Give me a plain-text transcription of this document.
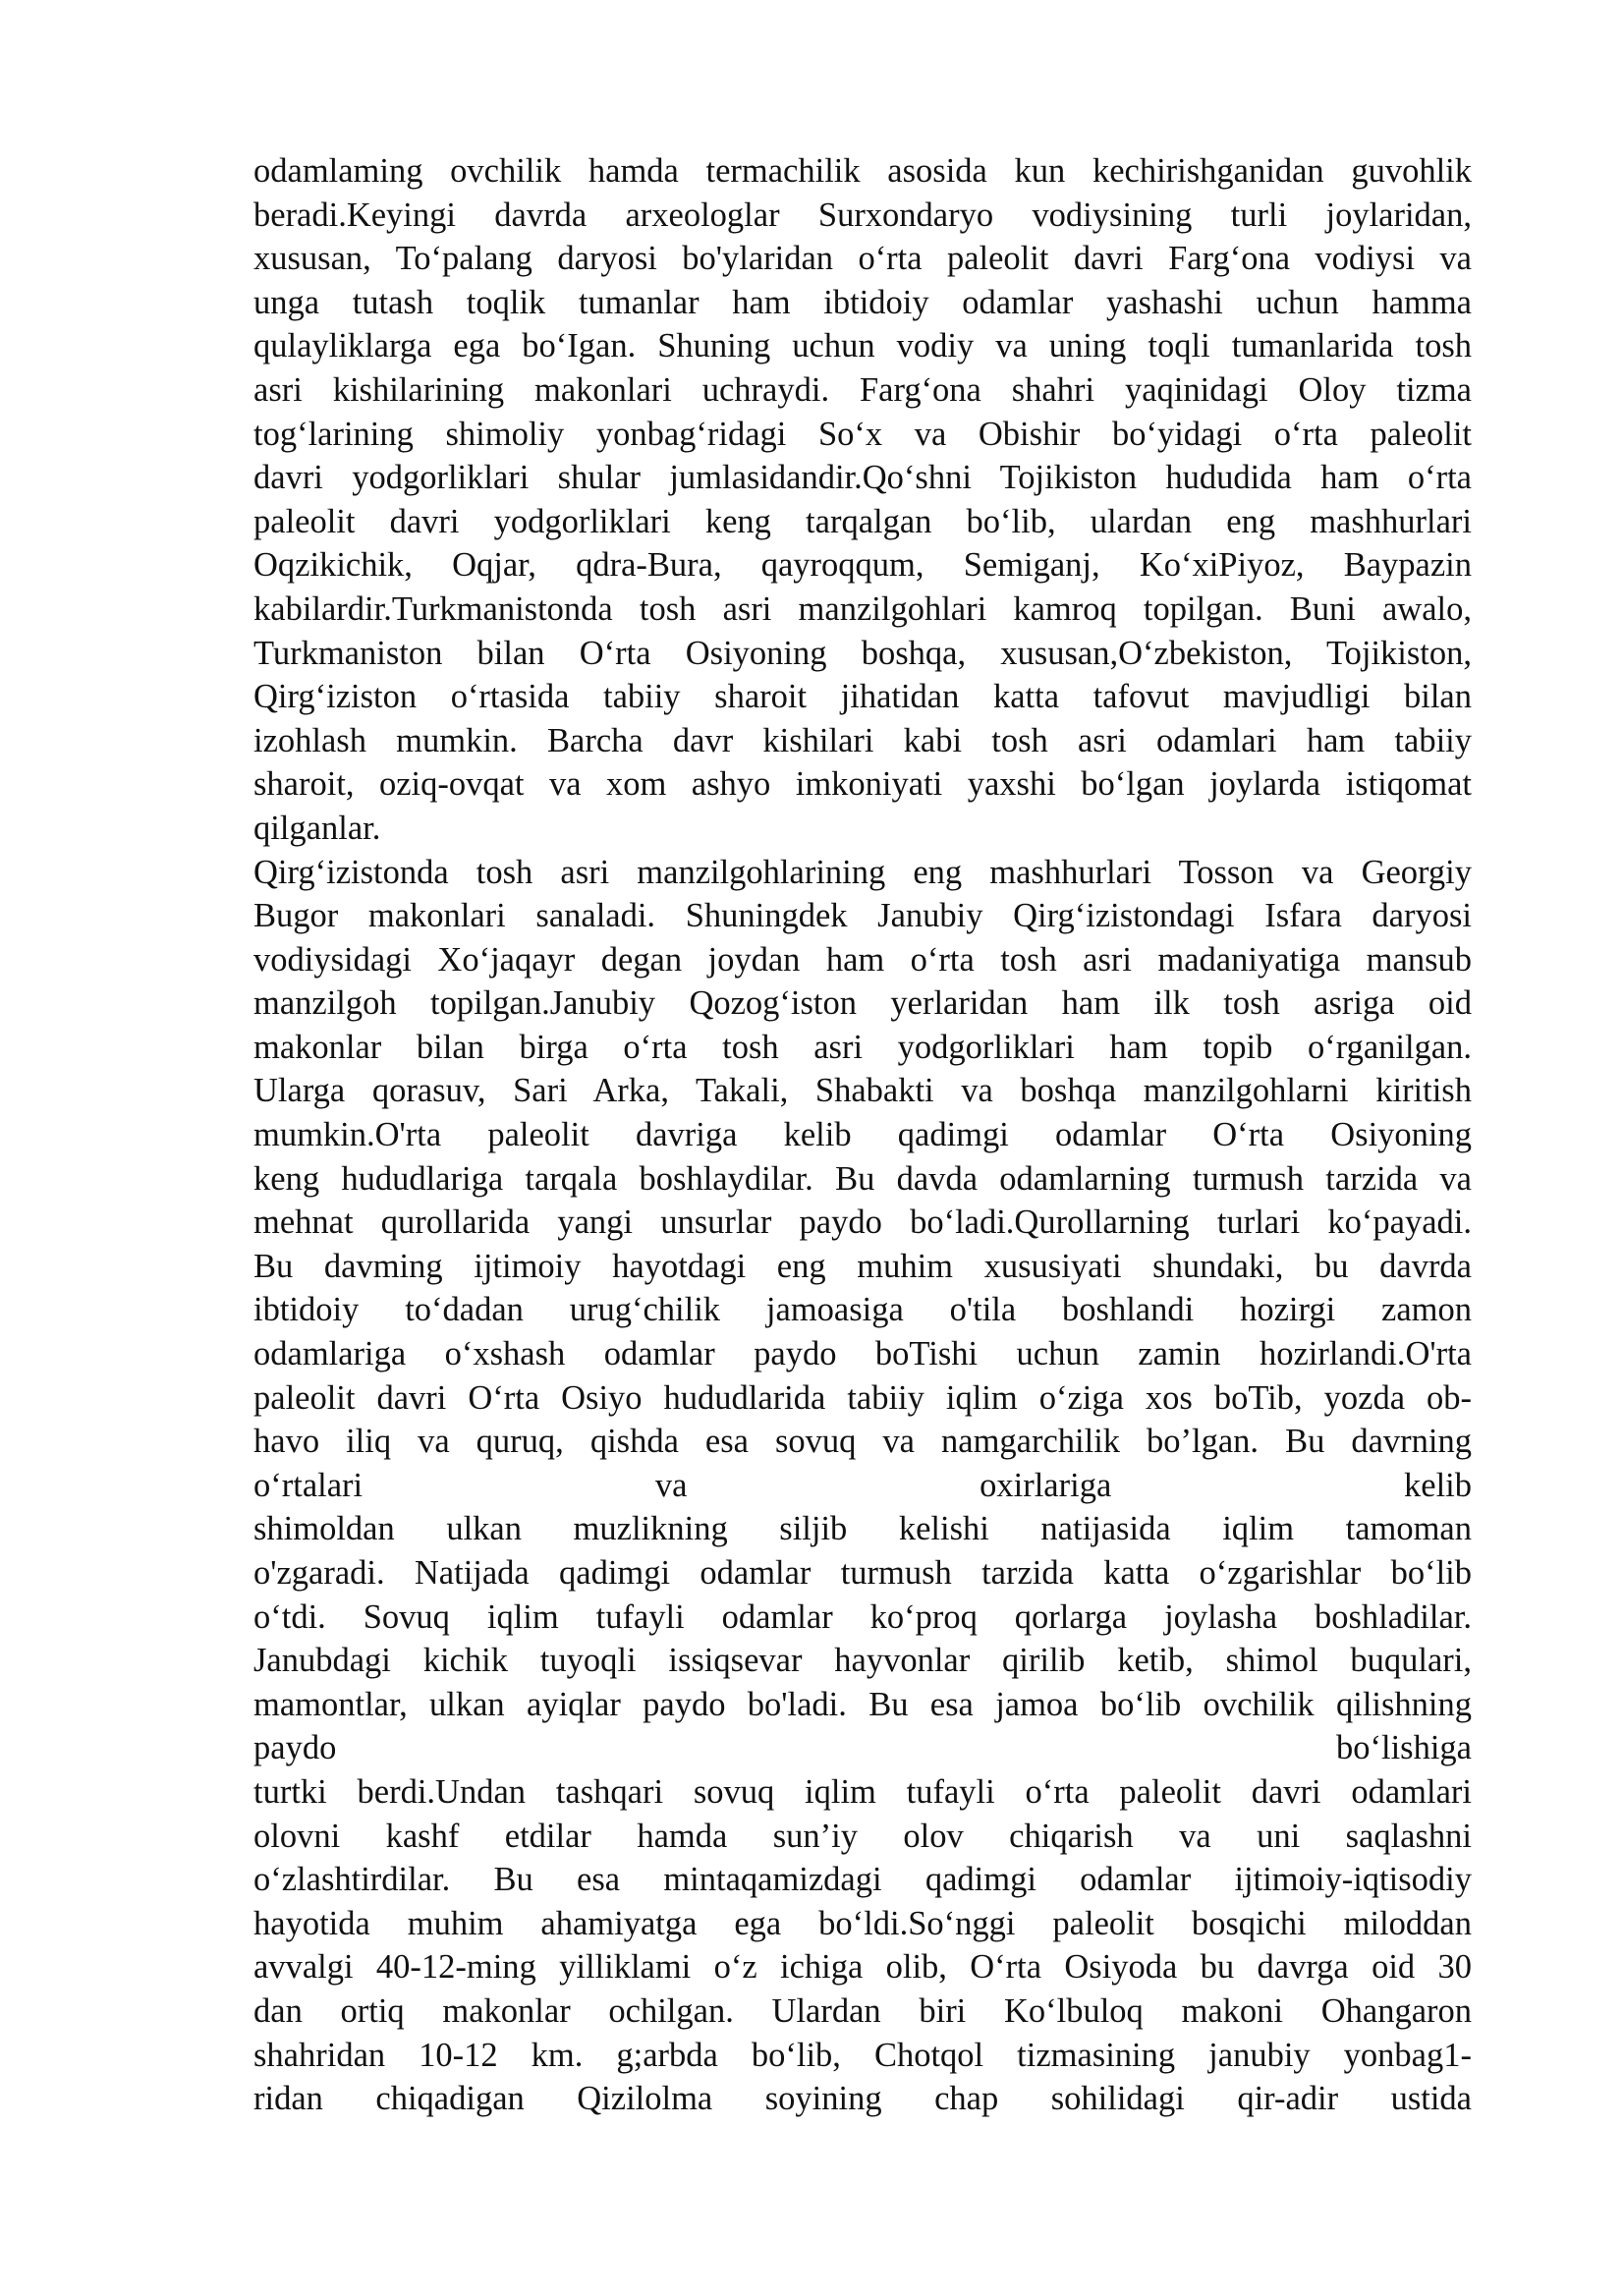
odamlaming ovchilik hamda termachilik asosida kun kechirishganidan guvohlik
beradi.Keyingi davrda arxeologlar Surxondaryo vodiysining turli joylaridan,
xususan, To‘palang daryosi bo'ylaridan o‘rta paleolit davri Farg‘ona vodiysi va
unga tutash toqlik tumanlar ham ibtidoiy odamlar yashashi uchun hamma
qulayliklarga ega bo‘Igan. Shuning uchun vodiy va uning toqli tumanlarida tosh
asri kishilarining makonlari uchraydi. Farg‘ona shahri yaqinidagi Oloy tizma
tog‘larining shimoliy yonbag‘ridagi So‘x va Obishir bo‘yidagi o‘rta paleolit
davri yodgorliklari shular jumlasidandir.Qo‘shni Tojikiston hududida ham o‘rta
paleolit davri yodgorliklari keng tarqalgan bo‘lib, ulardan eng mashhurlari
Oqzikichik, Oqjar, qdra-Bura, qayroqqum, Semiganj, Ko‘xiPiyoz, Baypazin
kabilardir.Turkmanistonda tosh asri manzilgohlari kamroq topilgan. Buni awalo,
Turkmaniston bilan O‘rta Osiyoning boshqa, xususan,O‘zbekiston, Tojikiston,
Qirg‘iziston o‘rtasida tabiiy sharoit jihatidan katta tafovut mavjudligi bilan
izohlash mumkin. Barcha davr kishilari kabi tosh asri odamlari ham tabiiy
sharoit, oziq-ovqat va xom ashyo imkoniyati yaxshi bo‘lgan joylarda istiqomat
qilganlar.
Qirg‘izistonda tosh asri manzilgohlarining eng mashhurlari Tosson va Georgiy
Bugor makonlari sanaladi. Shuningdek Janubiy Qirg‘izistondagi Isfara daryosi
vodiysidagi Xo‘jaqayr degan joydan ham o‘rta tosh asri madaniyatiga mansub
manzilgoh topilgan.Janubiy Qozog‘iston yerlaridan ham ilk tosh asriga oid
makonlar bilan birga o‘rta tosh asri yodgorliklari ham topib o‘rganilgan.
Ularga qorasuv, Sari Arka, Takali, Shabakti va boshqa manzilgohlarni kiritish
mumkin.O'rta paleolit davriga kelib qadimgi odamlar O‘rta Osiyoning
keng hududlariga tarqala boshlaydilar. Bu davda odamlarning turmush tarzida va
mehnat qurollarida yangi unsurlar paydo bo‘ladi.Qurollarning turlari ko‘payadi.
Bu davming ijtimoiy hayotdagi eng muhim xususiyati shundaki, bu davrda
ibtidoiy to‘dadan urug‘chilik jamoasiga o'tila boshlandi hozirgi zamon
odamlariga o‘xshash odamlar paydo boTishi uchun zamin hozirlandi.O'rta
paleolit davri O‘rta Osiyo hududlarida tabiiy iqlim o‘ziga xos boTib, yozda ob-
havo iliq va quruq, qishda esa sovuq va namgarchilik bo’lgan. Bu davrning
o‘rtalari va oxirlariga kelib
shimoldan ulkan muzlikning siljib kelishi natijasida iqlim tamoman
o'zgaradi. Natijada qadimgi odamlar turmush tarzida katta o‘zgarishlar bo‘lib
o‘tdi. Sovuq iqlim tufayli odamlar ko‘proq qorlarga joylasha boshladilar.
Janubdagi kichik tuyoqli issiqsevar hayvonlar qirilib ketib, shimol buqulari,
mamontlar, ulkan ayiqlar paydo bo'ladi. Bu esa jamoa bo‘lib ovchilik qilishning
paydo bo‘lishiga
turtki berdi.Undan tashqari sovuq iqlim tufayli o‘rta paleolit davri odamlari
olovni kashf etdilar hamda sun’iy olov chiqarish va uni saqlashni
o‘zlashtirdilar. Bu esa mintaqamizdagi qadimgi odamlar ijtimoiy-iqtisodiy
hayotida muhim ahamiyatga ega bo‘ldi.So‘nggi paleolit bosqichi miloddan
avvalgi 40-12-ming yilliklami o‘z ichiga olib, O‘rta Osiyoda bu davrga oid 30
dan ortiq makonlar ochilgan. Ulardan biri Ko‘lbuloq makoni Ohangaron
shahridan 10-12 km. g;arbda bo‘lib, Chotqol tizmasining janubiy yonbag1-
ridan chiqadigan Qizilolma soyining chap sohilidagi qir-adir ustida
